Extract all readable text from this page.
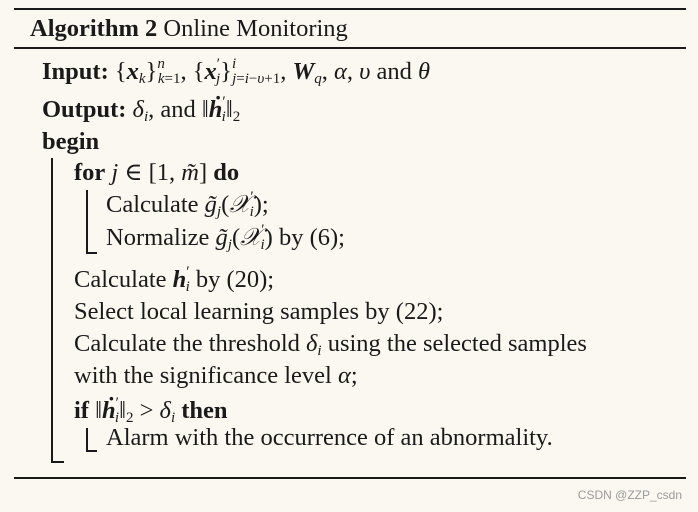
Algorithm 2 Online Monitoring
Input: $\{x_k\}^n_{k=1}$, $\{x'_j\}^i_{j=i-\upsilon+1}$, $W_q$, α, υ and θ
Output: $\delta_i$, and $‖ḣ'_i‖_2$
begin
for j ∈ [1, m̃] do
Calculate $g̃_j(𝒳'_i)$;
Normalize $g̃_j(𝒳'_i)$ by (6);
Calculate $h'_i$ by (20);
Select local learning samples by (22);
Calculate the threshold $\delta_i$ using the selected samples
with the significance level α;
if $‖ḣ'_i‖_2 > \delta_i$ then
Alarm with the occurrence of an abnormality.
CSDN @ZZP_csdn
